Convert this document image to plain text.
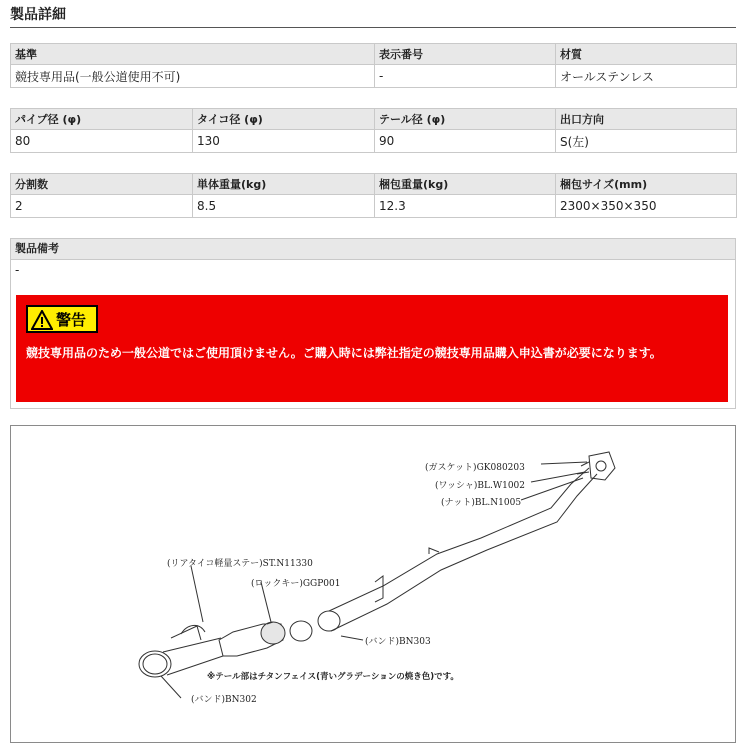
製品詳細
基準	表示番号	材質
競技専用品(一般公道使用不可)	-	オールステンレス
パイプ径 (φ)	タイコ径 (φ)	テール径 (φ)	出口方向
80	130	90	S(左)
分割数	単体重量(kg)	梱包重量(kg)	梱包サイズ(mm)
2	8.5	12.3	2300×350×350
製品備考
-
警告
競技専用品のため一般公道ではご使用頂けません。ご購入時には弊社指定の競技専用品購入申込書が必要になります。
(ガスケット)GK080203
(ワッシャ)BL.W1002
(ナット)BL.N1005
(リアタイコ軽量ステー)ST.N11330
(ロックキー)GGP001
(バンド)BN303
(バンド)BN302
※テール部はチタンフェイス(青いグラデーションの焼き色)です。
